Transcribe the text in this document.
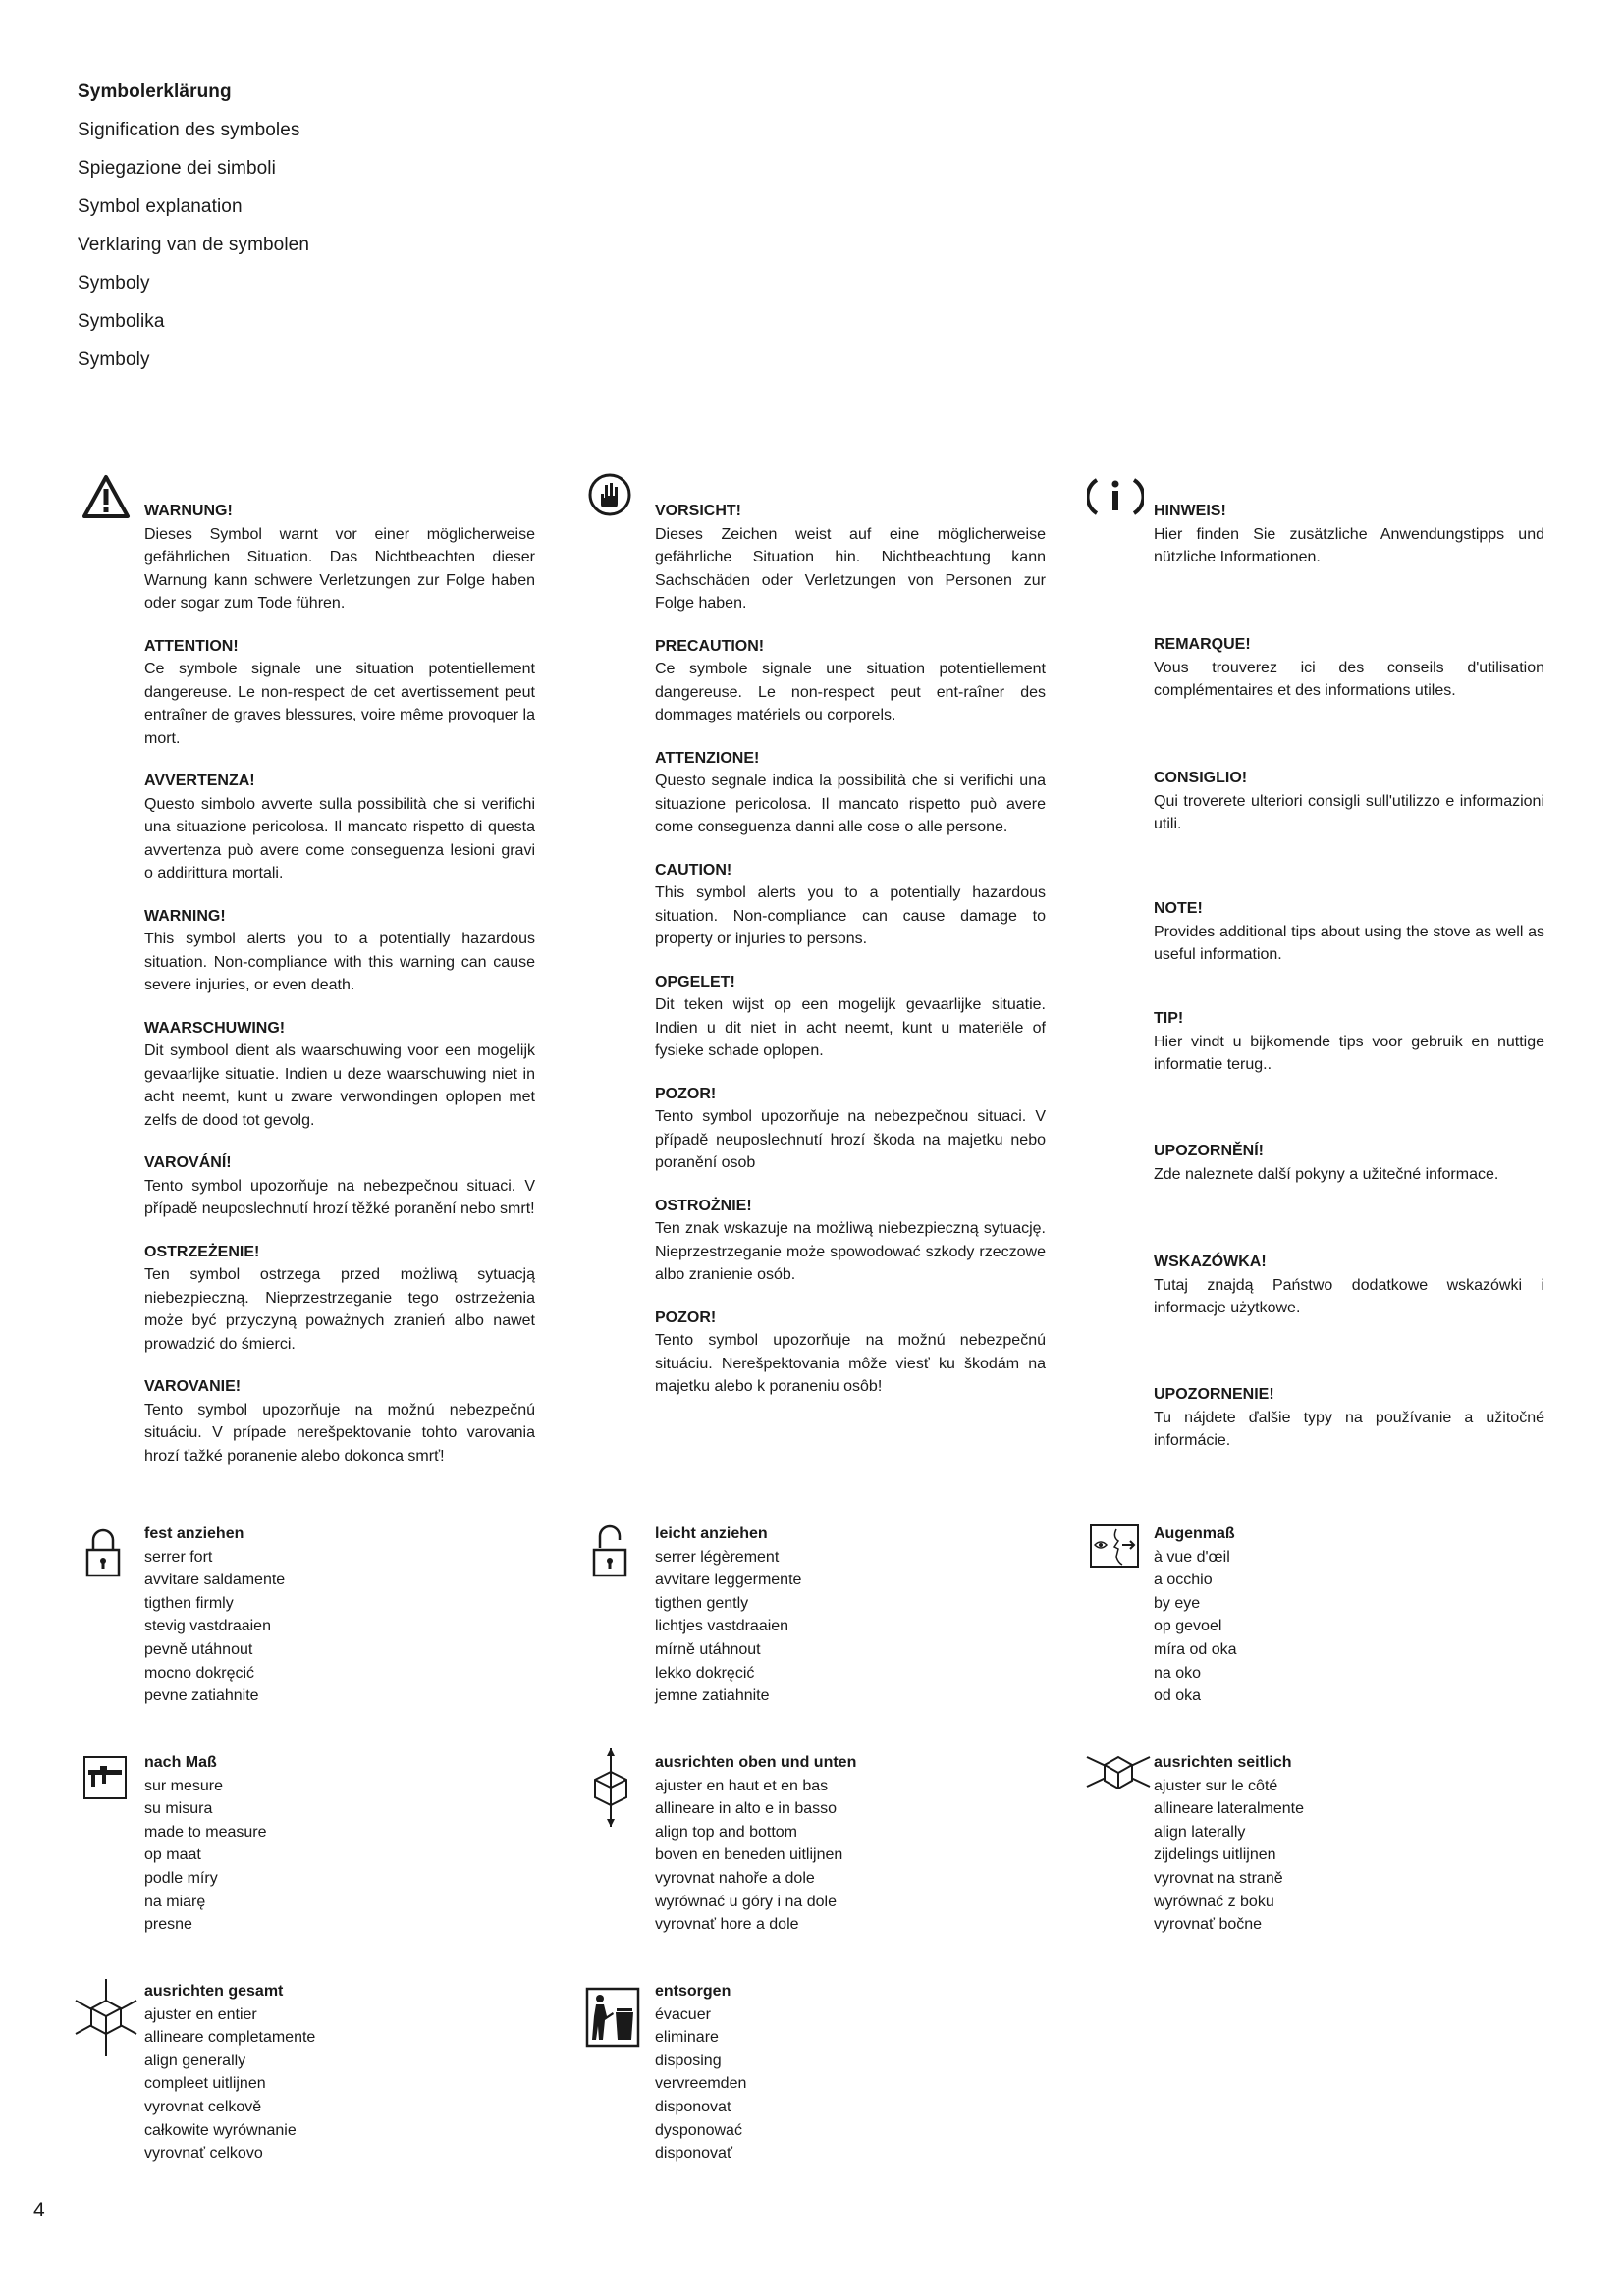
Symbolerklärung
Signification des symboles
Spiegazione dei simboli
Symbol explanation
Verklaring van de symbolen
Symboly
Symbolika
Symboly
WARNUNG!
Dieses Symbol warnt vor einer möglicherweise gefährlichen Situation. Das Nichtbeachten dieser Warnung kann schwere Verletzungen zur Folge haben oder sogar zum Tode führen.
ATTENTION!
Ce symbole signale une situation potentiellement dangereuse. Le non-respect de cet avertissement peut entraîner de graves blessures, voire même provoquer la mort.
AVVERTENZA!
Questo simbolo avverte sulla possibilità che si verifichi una situazione pericolosa. Il mancato rispetto di questa avvertenza può avere come conseguenza lesioni gravi o addirittura mortali.
WARNING!
This symbol alerts you to a potentially hazardous situation. Non-compliance with this warning can cause severe injuries, or even death.
WAARSCHUWING!
Dit symbool dient als waarschuwing voor een mogelijk gevaarlijke situatie. Indien u deze waarschuwing niet in acht neemt, kunt u zware verwondingen oplopen met zelfs de dood tot gevolg.
VAROVÁNÍ!
Tento symbol upozorňuje na nebezpečnou situaci. V případě neuposlechnutí hrozí těžké poranění nebo smrt!
OSTRZEŻENIE!
Ten symbol ostrzega przed możliwą sytuacją niebezpieczną. Nieprzestrzeganie tego ostrzeżenia może być przyczyną poważnych zranień albo nawet prowadzić do śmierci.
VAROVANIE!
Tento symbol upozorňuje na možnú nebezpečnú situáciu. V prípade nerešpektovanie tohto varovania hrozí ťažké poranenie alebo dokonca smrť!
VORSICHT!
Dieses Zeichen weist auf eine möglicherweise gefährliche Situation hin. Nichtbeachtung kann Sachschäden oder Verletzungen von Personen zur Folge haben.
PRECAUTION!
Ce symbole signale une situation potentiellement dangereuse. Le non-respect peut ent-raîner des dommages matériels ou corporels.
ATTENZIONE!
Questo segnale indica la possibilità che si verifichi una situazione pericolosa. Il mancato rispetto può avere come conseguenza danni alle cose o alle persone.
CAUTION!
This symbol alerts you to a potentially hazardous situation. Non-compliance can cause damage to property or injuries to persons.
OPGELET!
Dit teken wijst op een mogelijk gevaarlijke situatie. Indien u dit niet in acht neemt, kunt u materiële of fysieke schade oplopen.
POZOR!
Tento symbol upozorňuje na nebezpečnou situaci. V případě neuposlechnutí hrozí škoda na majetku nebo poranění osob
OSTROŻNIE!
Ten znak wskazuje na możliwą niebezpieczną sytuację. Nieprzestrzeganie może spowodować szkody rzeczowe albo zranienie osób.
POZOR!
Tento symbol upozorňuje na možnú nebezpečnú situáciu. Nerešpektovania môže viesť ku škodám na majetku alebo k poraneniu osôb!
HINWEIS!
Hier finden Sie zusätzliche Anwendungstipps und nützliche Informationen.
REMARQUE!
Vous trouverez ici des conseils d'utilisation complémentaires et des informations utiles.
CONSIGLIO!
Qui troverete ulteriori consigli sull'utilizzo e informazioni utili.
NOTE!
Provides additional tips about using the stove as well as useful information.
TIP!
Hier vindt u bijkomende tips voor gebruik en nuttige informatie terug..
UPOZORNĚNÍ!
Zde naleznete další pokyny a užitečné informace.
WSKAZÓWKA!
Tutaj znajdą Państwo dodatkowe wskazówki i informacje użytkowe.
UPOZORNENIE!
Tu nájdete ďalšie typy na používanie a užitočné informácie.
fest anziehen
serrer fort
avvitare saldamente
tigthen firmly
stevig vastdraaien
pevně utáhnout
mocno dokręcić
pevne zatiahnite
leicht anziehen
serrer légèrement
avvitare leggermente
tigthen gently
lichtjes vastdraaien
mírně utáhnout
lekko dokręcić
jemne zatiahnite
Augenmaß
à vue d'œil
a occhio
by eye
op gevoel
míra od oka
na oko
od oka
nach Maß
sur mesure
su misura
made to measure
op maat
podle míry
na miarę
presne
ausrichten oben und unten
ajuster en haut et en bas
allineare in alto e in basso
align top and bottom
boven en beneden uitlijnen
vyrovnat nahoře a dole
wyrównać u góry i na dole
vyrovnať hore a dole
ausrichten seitlich
ajuster sur le côté
allineare lateralmente
align laterally
zijdelings uitlijnen
vyrovnat na straně
wyrównać z boku
vyrovnať bočne
ausrichten gesamt
ajuster en entier
allineare completamente
align generally
compleet uitlijnen
vyrovnat celkově
całkowite wyrównanie
vyrovnať celkovo
entsorgen
évacuer
eliminare
disposing
vervreemden
disponovat
dysponować
disponovať
4
